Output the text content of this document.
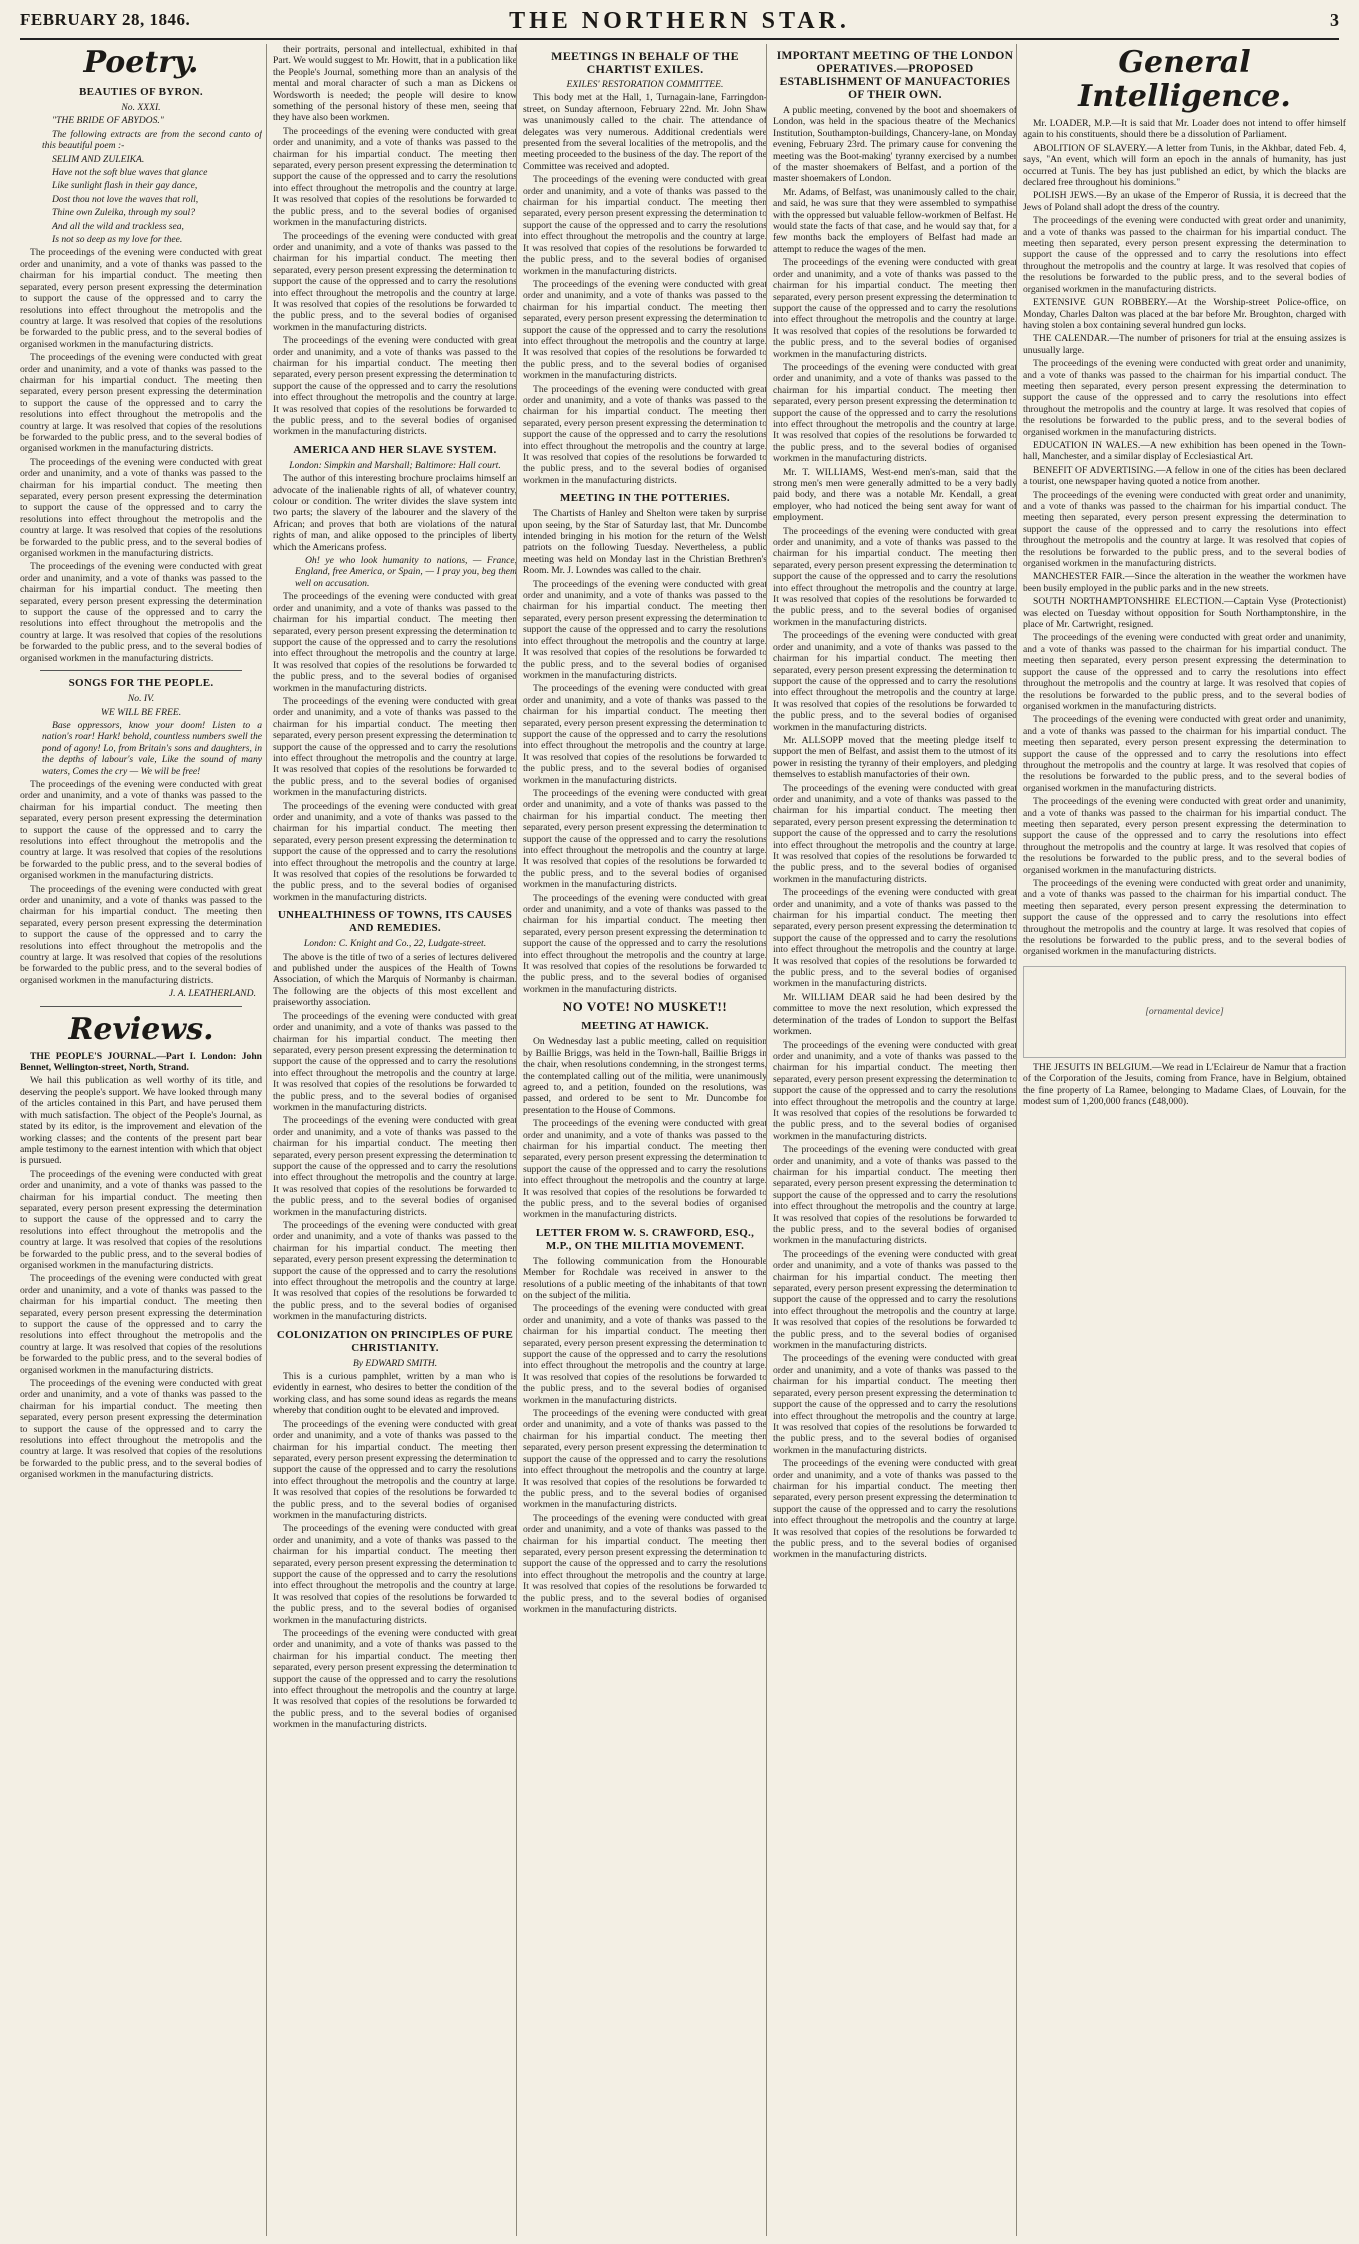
FEBRUARY 28, 1846.	THE NORTHERN STAR.	3
Poetry.
BEAUTIES OF BYRON.
No. XXXI.

"THE BRIDE OF ABYDOS."

The following extracts are from the second canto of this beautiful poem :-

SELIM AND ZULEIKA.

Have not the soft blue waves that glance

Like sunlight flash in their gay dance,

Dost thou not love the waves that roll,

Thine own Zuleika, through my soul?

And all the wild and trackless sea,

Is not so deep as my love for thee.

The proceedings of the evening were conducted with great order and unanimity, and a vote of thanks was passed to the chairman for his impartial conduct. The meeting then separated, every person present expressing the determination to support the cause of the oppressed and to carry the resolutions into effect throughout the metropolis and the country at large. It was resolved that copies of the resolutions be forwarded to the public press, and to the several bodies of organised workmen in the manufacturing districts.

The proceedings of the evening were conducted with great order and unanimity, and a vote of thanks was passed to the chairman for his impartial conduct. The meeting then separated, every person present expressing the determination to support the cause of the oppressed and to carry the resolutions into effect throughout the metropolis and the country at large. It was resolved that copies of the resolutions be forwarded to the public press, and to the several bodies of organised workmen in the manufacturing districts.

The proceedings of the evening were conducted with great order and unanimity, and a vote of thanks was passed to the chairman for his impartial conduct. The meeting then separated, every person present expressing the determination to support the cause of the oppressed and to carry the resolutions into effect throughout the metropolis and the country at large. It was resolved that copies of the resolutions be forwarded to the public press, and to the several bodies of organised workmen in the manufacturing districts.

The proceedings of the evening were conducted with great order and unanimity, and a vote of thanks was passed to the chairman for his impartial conduct. The meeting then separated, every person present expressing the determination to support the cause of the oppressed and to carry the resolutions into effect throughout the metropolis and the country at large. It was resolved that copies of the resolutions be forwarded to the public press, and to the several bodies of organised workmen in the manufacturing districts.

SONGS FOR THE PEOPLE.
No. IV.
WE WILL BE FREE.

Base oppressors, know your doom! Listen to a nation's roar! Hark! behold, countless numbers swell the pond of agony! Lo, from Britain's sons and daughters, in the depths of labour's vale, Like the sound of many waters, Comes the cry — We will be free!

The proceedings of the evening were conducted with great order and unanimity, and a vote of thanks was passed to the chairman for his impartial conduct. The meeting then separated, every person present expressing the determination to support the cause of the oppressed and to carry the resolutions into effect throughout the metropolis and the country at large. It was resolved that copies of the resolutions be forwarded to the public press, and to the several bodies of organised workmen in the manufacturing districts.

The proceedings of the evening were conducted with great order and unanimity, and a vote of thanks was passed to the chairman for his impartial conduct. The meeting then separated, every person present expressing the determination to support the cause of the oppressed and to carry the resolutions into effect throughout the metropolis and the country at large. It was resolved that copies of the resolutions be forwarded to the public press, and to the several bodies of organised workmen in the manufacturing districts.

J. A. LEATHERLAND.
Reviews.

THE PEOPLE'S JOURNAL.—Part I. London: John Bennet, Wellington-street, North, Strand.

We hail this publication as well worthy of its title, and deserving the people's support. We have looked through many of the articles contained in this Part, and have perused them with much satisfaction. The object of the People's Journal, as stated by its editor, is the improvement and elevation of the working classes; and the contents of the present part bear ample testimony to the earnest intention with which that object is pursued.

The proceedings of the evening were conducted with great order and unanimity, and a vote of thanks was passed to the chairman for his impartial conduct. The meeting then separated, every person present expressing the determination to support the cause of the oppressed and to carry the resolutions into effect throughout the metropolis and the country at large. It was resolved that copies of the resolutions be forwarded to the public press, and to the several bodies of organised workmen in the manufacturing districts.

The proceedings of the evening were conducted with great order and unanimity, and a vote of thanks was passed to the chairman for his impartial conduct. The meeting then separated, every person present expressing the determination to support the cause of the oppressed and to carry the resolutions into effect throughout the metropolis and the country at large. It was resolved that copies of the resolutions be forwarded to the public press, and to the several bodies of organised workmen in the manufacturing districts.

The proceedings of the evening were conducted with great order and unanimity, and a vote of thanks was passed to the chairman for his impartial conduct. The meeting then separated, every person present expressing the determination to support the cause of the oppressed and to carry the resolutions into effect throughout the metropolis and the country at large. It was resolved that copies of the resolutions be forwarded to the public press, and to the several bodies of organised workmen in the manufacturing districts.

their portraits, personal and intellectual, exhibited in that Part. We would suggest to Mr. Howitt, that in a publication like the People's Journal, something more than an analysis of the mental and moral character of such a man as Dickens or Wordsworth is needed; the people will desire to know something of the personal history of these men, seeing that they have also been workmen.

The proceedings of the evening were conducted with great order and unanimity, and a vote of thanks was passed to the chairman for his impartial conduct. The meeting then separated, every person present expressing the determination to support the cause of the oppressed and to carry the resolutions into effect throughout the metropolis and the country at large. It was resolved that copies of the resolutions be forwarded to the public press, and to the several bodies of organised workmen in the manufacturing districts.

The proceedings of the evening were conducted with great order and unanimity, and a vote of thanks was passed to the chairman for his impartial conduct. The meeting then separated, every person present expressing the determination to support the cause of the oppressed and to carry the resolutions into effect throughout the metropolis and the country at large. It was resolved that copies of the resolutions be forwarded to the public press, and to the several bodies of organised workmen in the manufacturing districts.

The proceedings of the evening were conducted with great order and unanimity, and a vote of thanks was passed to the chairman for his impartial conduct. The meeting then separated, every person present expressing the determination to support the cause of the oppressed and to carry the resolutions into effect throughout the metropolis and the country at large. It was resolved that copies of the resolutions be forwarded to the public press, and to the several bodies of organised workmen in the manufacturing districts.

AMERICA AND HER SLAVE SYSTEM.
London: Simpkin and Marshall; Baltimore: Hall court.

The author of this interesting brochure proclaims himself an advocate of the inalienable rights of all, of whatever country, colour or condition. The writer divides the slave system into two parts; the slavery of the labourer and the slavery of the African; and proves that both are violations of the natural rights of man, and alike opposed to the principles of liberty which the Americans profess.

Oh! ye who look humanity to nations, — France, England, free America, or Spain, — I pray you, beg them well on accusation.

The proceedings of the evening were conducted with great order and unanimity, and a vote of thanks was passed to the chairman for his impartial conduct. The meeting then separated, every person present expressing the determination to support the cause of the oppressed and to carry the resolutions into effect throughout the metropolis and the country at large. It was resolved that copies of the resolutions be forwarded to the public press, and to the several bodies of organised workmen in the manufacturing districts.

The proceedings of the evening were conducted with great order and unanimity, and a vote of thanks was passed to the chairman for his impartial conduct. The meeting then separated, every person present expressing the determination to support the cause of the oppressed and to carry the resolutions into effect throughout the metropolis and the country at large. It was resolved that copies of the resolutions be forwarded to the public press, and to the several bodies of organised workmen in the manufacturing districts.

The proceedings of the evening were conducted with great order and unanimity, and a vote of thanks was passed to the chairman for his impartial conduct. The meeting then separated, every person present expressing the determination to support the cause of the oppressed and to carry the resolutions into effect throughout the metropolis and the country at large. It was resolved that copies of the resolutions be forwarded to the public press, and to the several bodies of organised workmen in the manufacturing districts.

UNHEALTHINESS OF TOWNS, ITS CAUSES AND REMEDIES.
London: C. Knight and Co., 22, Ludgate-street.

The above is the title of two of a series of lectures delivered and published under the auspices of the Health of Towns Association, of which the Marquis of Normanby is chairman. The following are the objects of this most excellent and praiseworthy association.

The proceedings of the evening were conducted with great order and unanimity, and a vote of thanks was passed to the chairman for his impartial conduct. The meeting then separated, every person present expressing the determination to support the cause of the oppressed and to carry the resolutions into effect throughout the metropolis and the country at large. It was resolved that copies of the resolutions be forwarded to the public press, and to the several bodies of organised workmen in the manufacturing districts.

The proceedings of the evening were conducted with great order and unanimity, and a vote of thanks was passed to the chairman for his impartial conduct. The meeting then separated, every person present expressing the determination to support the cause of the oppressed and to carry the resolutions into effect throughout the metropolis and the country at large. It was resolved that copies of the resolutions be forwarded to the public press, and to the several bodies of organised workmen in the manufacturing districts.

The proceedings of the evening were conducted with great order and unanimity, and a vote of thanks was passed to the chairman for his impartial conduct. The meeting then separated, every person present expressing the determination to support the cause of the oppressed and to carry the resolutions into effect throughout the metropolis and the country at large. It was resolved that copies of the resolutions be forwarded to the public press, and to the several bodies of organised workmen in the manufacturing districts.

COLONIZATION ON PRINCIPLES OF PURE CHRISTIANITY.
By EDWARD SMITH.

This is a curious pamphlet, written by a man who is evidently in earnest, who desires to better the condition of the working class, and has some sound ideas as regards the means whereby that condition ought to be elevated and improved.

The proceedings of the evening were conducted with great order and unanimity, and a vote of thanks was passed to the chairman for his impartial conduct. The meeting then separated, every person present expressing the determination to support the cause of the oppressed and to carry the resolutions into effect throughout the metropolis and the country at large. It was resolved that copies of the resolutions be forwarded to the public press, and to the several bodies of organised workmen in the manufacturing districts.

The proceedings of the evening were conducted with great order and unanimity, and a vote of thanks was passed to the chairman for his impartial conduct. The meeting then separated, every person present expressing the determination to support the cause of the oppressed and to carry the resolutions into effect throughout the metropolis and the country at large. It was resolved that copies of the resolutions be forwarded to the public press, and to the several bodies of organised workmen in the manufacturing districts.

The proceedings of the evening were conducted with great order and unanimity, and a vote of thanks was passed to the chairman for his impartial conduct. The meeting then separated, every person present expressing the determination to support the cause of the oppressed and to carry the resolutions into effect throughout the metropolis and the country at large. It was resolved that copies of the resolutions be forwarded to the public press, and to the several bodies of organised workmen in the manufacturing districts.

MEETINGS IN BEHALF OF THE CHARTIST EXILES.
EXILES' RESTORATION COMMITTEE.

This body met at the Hall, 1, Turnagain-lane, Farringdon-street, on Sunday afternoon, February 22nd. Mr. John Shaw was unanimously called to the chair. The attendance of delegates was very numerous. Additional credentials were presented from the several localities of the metropolis, and the meeting proceeded to the business of the day. The report of the Committee was received and adopted.

The proceedings of the evening were conducted with great order and unanimity, and a vote of thanks was passed to the chairman for his impartial conduct. The meeting then separated, every person present expressing the determination to support the cause of the oppressed and to carry the resolutions into effect throughout the metropolis and the country at large. It was resolved that copies of the resolutions be forwarded to the public press, and to the several bodies of organised workmen in the manufacturing districts.

The proceedings of the evening were conducted with great order and unanimity, and a vote of thanks was passed to the chairman for his impartial conduct. The meeting then separated, every person present expressing the determination to support the cause of the oppressed and to carry the resolutions into effect throughout the metropolis and the country at large. It was resolved that copies of the resolutions be forwarded to the public press, and to the several bodies of organised workmen in the manufacturing districts.

The proceedings of the evening were conducted with great order and unanimity, and a vote of thanks was passed to the chairman for his impartial conduct. The meeting then separated, every person present expressing the determination to support the cause of the oppressed and to carry the resolutions into effect throughout the metropolis and the country at large. It was resolved that copies of the resolutions be forwarded to the public press, and to the several bodies of organised workmen in the manufacturing districts.

MEETING IN THE POTTERIES.

The Chartists of Hanley and Shelton were taken by surprise upon seeing, by the Star of Saturday last, that Mr. Duncombe intended bringing in his motion for the return of the Welsh patriots on the following Tuesday. Nevertheless, a public meeting was held on Monday last in the Christian Brethren's Room. Mr. J. Lowndes was called to the chair.

The proceedings of the evening were conducted with great order and unanimity, and a vote of thanks was passed to the chairman for his impartial conduct. The meeting then separated, every person present expressing the determination to support the cause of the oppressed and to carry the resolutions into effect throughout the metropolis and the country at large. It was resolved that copies of the resolutions be forwarded to the public press, and to the several bodies of organised workmen in the manufacturing districts.

The proceedings of the evening were conducted with great order and unanimity, and a vote of thanks was passed to the chairman for his impartial conduct. The meeting then separated, every person present expressing the determination to support the cause of the oppressed and to carry the resolutions into effect throughout the metropolis and the country at large. It was resolved that copies of the resolutions be forwarded to the public press, and to the several bodies of organised workmen in the manufacturing districts.

The proceedings of the evening were conducted with great order and unanimity, and a vote of thanks was passed to the chairman for his impartial conduct. The meeting then separated, every person present expressing the determination to support the cause of the oppressed and to carry the resolutions into effect throughout the metropolis and the country at large. It was resolved that copies of the resolutions be forwarded to the public press, and to the several bodies of organised workmen in the manufacturing districts.

The proceedings of the evening were conducted with great order and unanimity, and a vote of thanks was passed to the chairman for his impartial conduct. The meeting then separated, every person present expressing the determination to support the cause of the oppressed and to carry the resolutions into effect throughout the metropolis and the country at large. It was resolved that copies of the resolutions be forwarded to the public press, and to the several bodies of organised workmen in the manufacturing districts.

NO VOTE! NO MUSKET!!
MEETING AT HAWICK.

On Wednesday last a public meeting, called on requisition by Baillie Briggs, was held in the Town-hall, Baillie Briggs in the chair, when resolutions condemning, in the strongest terms, the contemplated calling out of the militia, were unanimously agreed to, and a petition, founded on the resolutions, was passed, and ordered to be sent to Mr. Duncombe for presentation to the House of Commons.

The proceedings of the evening were conducted with great order and unanimity, and a vote of thanks was passed to the chairman for his impartial conduct. The meeting then separated, every person present expressing the determination to support the cause of the oppressed and to carry the resolutions into effect throughout the metropolis and the country at large. It was resolved that copies of the resolutions be forwarded to the public press, and to the several bodies of organised workmen in the manufacturing districts.

LETTER FROM W. S. CRAWFORD, ESQ., M.P., ON THE MILITIA MOVEMENT.

The following communication from the Honourable Member for Rochdale was received in answer to the resolutions of a public meeting of the inhabitants of that town on the subject of the militia.

The proceedings of the evening were conducted with great order and unanimity, and a vote of thanks was passed to the chairman for his impartial conduct. The meeting then separated, every person present expressing the determination to support the cause of the oppressed and to carry the resolutions into effect throughout the metropolis and the country at large. It was resolved that copies of the resolutions be forwarded to the public press, and to the several bodies of organised workmen in the manufacturing districts.

The proceedings of the evening were conducted with great order and unanimity, and a vote of thanks was passed to the chairman for his impartial conduct. The meeting then separated, every person present expressing the determination to support the cause of the oppressed and to carry the resolutions into effect throughout the metropolis and the country at large. It was resolved that copies of the resolutions be forwarded to the public press, and to the several bodies of organised workmen in the manufacturing districts.

The proceedings of the evening were conducted with great order and unanimity, and a vote of thanks was passed to the chairman for his impartial conduct. The meeting then separated, every person present expressing the determination to support the cause of the oppressed and to carry the resolutions into effect throughout the metropolis and the country at large. It was resolved that copies of the resolutions be forwarded to the public press, and to the several bodies of organised workmen in the manufacturing districts.

IMPORTANT MEETING OF THE LONDON OPERATIVES.—PROPOSED ESTABLISHMENT OF MANUFACTORIES OF THEIR OWN.

A public meeting, convened by the boot and shoemakers of London, was held in the spacious theatre of the Mechanics' Institution, Southampton-buildings, Chancery-lane, on Monday evening, February 23rd. The primary cause for convening the meeting was the Boot-making' tyranny exercised by a number of the master shoemakers of Belfast, and a portion of the master shoemakers of London.

Mr. Adams, of Belfast, was unanimously called to the chair, and said, he was sure that they were assembled to sympathise with the oppressed but valuable fellow-workmen of Belfast. He would state the facts of that case, and he would say that, for a few months back the employers of Belfast had made an attempt to reduce the wages of the men.

The proceedings of the evening were conducted with great order and unanimity, and a vote of thanks was passed to the chairman for his impartial conduct. The meeting then separated, every person present expressing the determination to support the cause of the oppressed and to carry the resolutions into effect throughout the metropolis and the country at large. It was resolved that copies of the resolutions be forwarded to the public press, and to the several bodies of organised workmen in the manufacturing districts.

The proceedings of the evening were conducted with great order and unanimity, and a vote of thanks was passed to the chairman for his impartial conduct. The meeting then separated, every person present expressing the determination to support the cause of the oppressed and to carry the resolutions into effect throughout the metropolis and the country at large. It was resolved that copies of the resolutions be forwarded to the public press, and to the several bodies of organised workmen in the manufacturing districts.

Mr. T. WILLIAMS, West-end men's-man, said that the strong men's men were generally admitted to be a very badly paid body, and there was a notable Mr. Kendall, a great employer, who had noticed the being sent away for want of employment.

The proceedings of the evening were conducted with great order and unanimity, and a vote of thanks was passed to the chairman for his impartial conduct. The meeting then separated, every person present expressing the determination to support the cause of the oppressed and to carry the resolutions into effect throughout the metropolis and the country at large. It was resolved that copies of the resolutions be forwarded to the public press, and to the several bodies of organised workmen in the manufacturing districts.

The proceedings of the evening were conducted with great order and unanimity, and a vote of thanks was passed to the chairman for his impartial conduct. The meeting then separated, every person present expressing the determination to support the cause of the oppressed and to carry the resolutions into effect throughout the metropolis and the country at large. It was resolved that copies of the resolutions be forwarded to the public press, and to the several bodies of organised workmen in the manufacturing districts.

Mr. ALLSOPP moved that the meeting pledge itself to support the men of Belfast, and assist them to the utmost of its power in resisting the tyranny of their employers, and pledging themselves to establish manufactories of their own.

The proceedings of the evening were conducted with great order and unanimity, and a vote of thanks was passed to the chairman for his impartial conduct. The meeting then separated, every person present expressing the determination to support the cause of the oppressed and to carry the resolutions into effect throughout the metropolis and the country at large. It was resolved that copies of the resolutions be forwarded to the public press, and to the several bodies of organised workmen in the manufacturing districts.

The proceedings of the evening were conducted with great order and unanimity, and a vote of thanks was passed to the chairman for his impartial conduct. The meeting then separated, every person present expressing the determination to support the cause of the oppressed and to carry the resolutions into effect throughout the metropolis and the country at large. It was resolved that copies of the resolutions be forwarded to the public press, and to the several bodies of organised workmen in the manufacturing districts.

Mr. WILLIAM DEAR said he had been desired by the committee to move the next resolution, which expressed the determination of the trades of London to support the Belfast workmen.

The proceedings of the evening were conducted with great order and unanimity, and a vote of thanks was passed to the chairman for his impartial conduct. The meeting then separated, every person present expressing the determination to support the cause of the oppressed and to carry the resolutions into effect throughout the metropolis and the country at large. It was resolved that copies of the resolutions be forwarded to the public press, and to the several bodies of organised workmen in the manufacturing districts.

The proceedings of the evening were conducted with great order and unanimity, and a vote of thanks was passed to the chairman for his impartial conduct. The meeting then separated, every person present expressing the determination to support the cause of the oppressed and to carry the resolutions into effect throughout the metropolis and the country at large. It was resolved that copies of the resolutions be forwarded to the public press, and to the several bodies of organised workmen in the manufacturing districts.

The proceedings of the evening were conducted with great order and unanimity, and a vote of thanks was passed to the chairman for his impartial conduct. The meeting then separated, every person present expressing the determination to support the cause of the oppressed and to carry the resolutions into effect throughout the metropolis and the country at large. It was resolved that copies of the resolutions be forwarded to the public press, and to the several bodies of organised workmen in the manufacturing districts.

The proceedings of the evening were conducted with great order and unanimity, and a vote of thanks was passed to the chairman for his impartial conduct. The meeting then separated, every person present expressing the determination to support the cause of the oppressed and to carry the resolutions into effect throughout the metropolis and the country at large. It was resolved that copies of the resolutions be forwarded to the public press, and to the several bodies of organised workmen in the manufacturing districts.

The proceedings of the evening were conducted with great order and unanimity, and a vote of thanks was passed to the chairman for his impartial conduct. The meeting then separated, every person present expressing the determination to support the cause of the oppressed and to carry the resolutions into effect throughout the metropolis and the country at large. It was resolved that copies of the resolutions be forwarded to the public press, and to the several bodies of organised workmen in the manufacturing districts.

General Intelligence.

Mr. LOADER, M.P.—It is said that Mr. Loader does not intend to offer himself again to his constituents, should there be a dissolution of Parliament.

ABOLITION OF SLAVERY.—A letter from Tunis, in the Akhbar, dated Feb. 4, says, "An event, which will form an epoch in the annals of humanity, has just occurred at Tunis. The bey has just published an edict, by which the blacks are declared free throughout his dominions."

POLISH JEWS.—By an ukase of the Emperor of Russia, it is decreed that the Jews of Poland shall adopt the dress of the country.

The proceedings of the evening were conducted with great order and unanimity, and a vote of thanks was passed to the chairman for his impartial conduct. The meeting then separated, every person present expressing the determination to support the cause of the oppressed and to carry the resolutions into effect throughout the metropolis and the country at large. It was resolved that copies of the resolutions be forwarded to the public press, and to the several bodies of organised workmen in the manufacturing districts.

EXTENSIVE GUN ROBBERY.—At the Worship-street Police-office, on Monday, Charles Dalton was placed at the bar before Mr. Broughton, charged with having stolen a box containing several hundred gun locks.

THE CALENDAR.—The number of prisoners for trial at the ensuing assizes is unusually large.

The proceedings of the evening were conducted with great order and unanimity, and a vote of thanks was passed to the chairman for his impartial conduct. The meeting then separated, every person present expressing the determination to support the cause of the oppressed and to carry the resolutions into effect throughout the metropolis and the country at large. It was resolved that copies of the resolutions be forwarded to the public press, and to the several bodies of organised workmen in the manufacturing districts.

EDUCATION IN WALES.—A new exhibition has been opened in the Town-hall, Manchester, and a similar display of Ecclesiastical Art.

BENEFIT OF ADVERTISING.—A fellow in one of the cities has been declared a tourist, one newspaper having quoted a notice from another.

The proceedings of the evening were conducted with great order and unanimity, and a vote of thanks was passed to the chairman for his impartial conduct. The meeting then separated, every person present expressing the determination to support the cause of the oppressed and to carry the resolutions into effect throughout the metropolis and the country at large. It was resolved that copies of the resolutions be forwarded to the public press, and to the several bodies of organised workmen in the manufacturing districts.

MANCHESTER FAIR.—Since the alteration in the weather the workmen have been busily employed in the public parks and in the new streets.

SOUTH NORTHAMPTONSHIRE ELECTION.—Captain Vyse (Protectionist) was elected on Tuesday without opposition for South Northamptonshire, in the place of Mr. Cartwright, resigned.

The proceedings of the evening were conducted with great order and unanimity, and a vote of thanks was passed to the chairman for his impartial conduct. The meeting then separated, every person present expressing the determination to support the cause of the oppressed and to carry the resolutions into effect throughout the metropolis and the country at large. It was resolved that copies of the resolutions be forwarded to the public press, and to the several bodies of organised workmen in the manufacturing districts.

The proceedings of the evening were conducted with great order and unanimity, and a vote of thanks was passed to the chairman for his impartial conduct. The meeting then separated, every person present expressing the determination to support the cause of the oppressed and to carry the resolutions into effect throughout the metropolis and the country at large. It was resolved that copies of the resolutions be forwarded to the public press, and to the several bodies of organised workmen in the manufacturing districts.

The proceedings of the evening were conducted with great order and unanimity, and a vote of thanks was passed to the chairman for his impartial conduct. The meeting then separated, every person present expressing the determination to support the cause of the oppressed and to carry the resolutions into effect throughout the metropolis and the country at large. It was resolved that copies of the resolutions be forwarded to the public press, and to the several bodies of organised workmen in the manufacturing districts.

The proceedings of the evening were conducted with great order and unanimity, and a vote of thanks was passed to the chairman for his impartial conduct. The meeting then separated, every person present expressing the determination to support the cause of the oppressed and to carry the resolutions into effect throughout the metropolis and the country at large. It was resolved that copies of the resolutions be forwarded to the public press, and to the several bodies of organised workmen in the manufacturing districts.

[ornamental device]

THE JESUITS IN BELGIUM.—We read in L'Eclaireur de Namur that a fraction of the Corporation of the Jesuits, coming from France, have in Belgium, obtained the fine property of La Ramee, belonging to Madame Claes, of Louvain, for the modest sum of 1,200,000 francs (£48,000).
